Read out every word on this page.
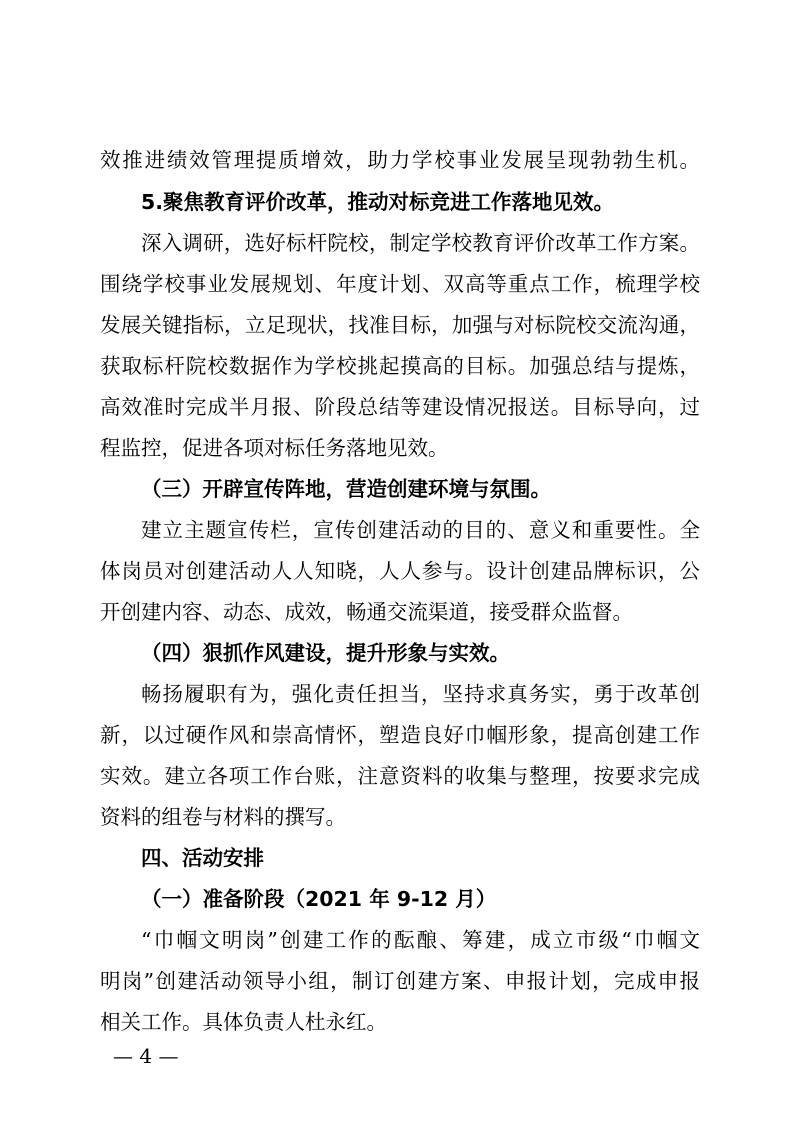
效推进绩效管理提质增效，助力学校事业发展呈现勃勃生机。
5.聚焦教育评价改革，推动对标竞进工作落地见效。
深入调研，选好标杆院校，制定学校教育评价改革工作方案。
围绕学校事业发展规划、年度计划、双高等重点工作，梳理学校
发展关键指标，立足现状，找准目标，加强与对标院校交流沟通，
获取标杆院校数据作为学校挑起摸高的目标。加强总结与提炼，
高效准时完成半月报、阶段总结等建设情况报送。目标导向，过
程监控，促进各项对标任务落地见效。
（三）开辟宣传阵地，营造创建环境与氛围。
建立主题宣传栏，宣传创建活动的目的、意义和重要性。全
体岗员对创建活动人人知晓，人人参与。设计创建品牌标识，公
开创建内容、动态、成效，畅通交流渠道，接受群众监督。
（四）狠抓作风建设，提升形象与实效。
畅扬履职有为，强化责任担当，坚持求真务实，勇于改革创
新，以过硬作风和崇高情怀，塑造良好巾帼形象，提高创建工作
实效。建立各项工作台账，注意资料的收集与整理，按要求完成
资料的组卷与材料的撰写。
四、活动安排
（一）准备阶段（2021 年 9-12 月）
“巾帼文明岗”创建工作的酝酿、筹建，成立市级“巾帼文
明岗”创建活动领导小组，制订创建方案、申报计划，完成申报
相关工作。具体负责人杜永红。
— 4 —
